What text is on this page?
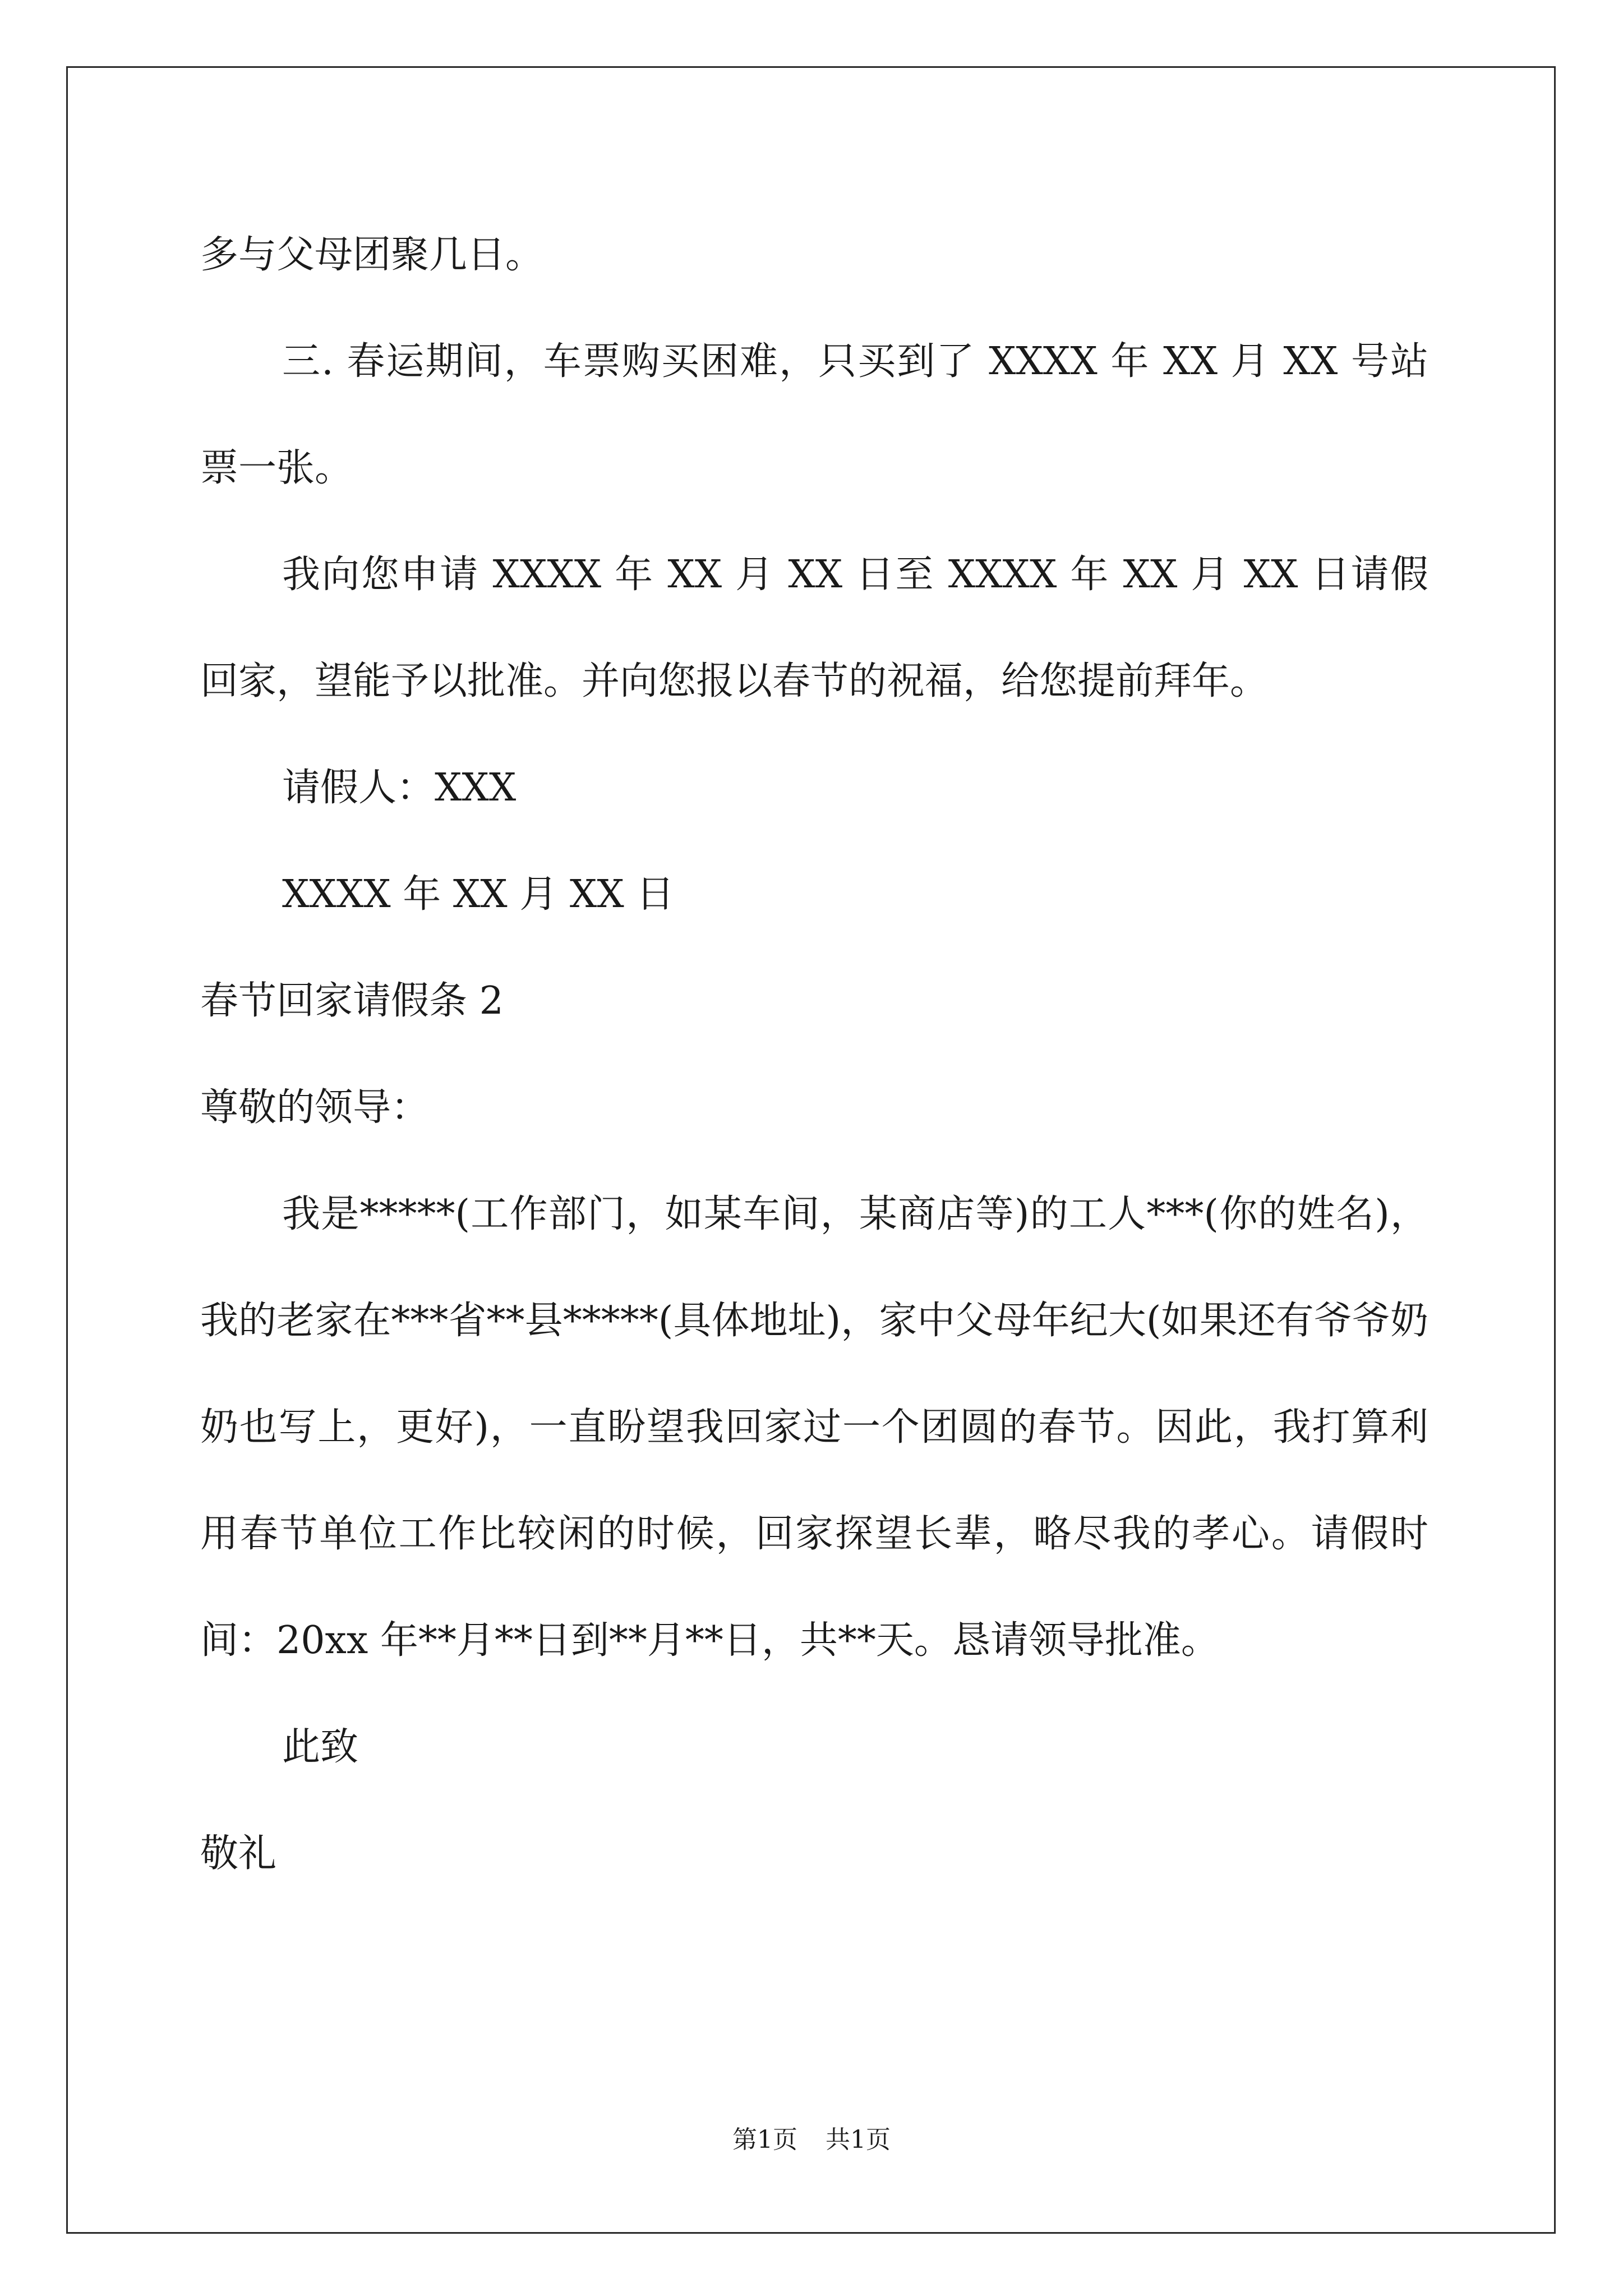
多与父母团聚几日。

三. 春运期间，车票购买困难，只买到了 XXXX 年 XX 月 XX 号站票一张。

我向您申请 XXXX 年 XX 月 XX 日至 XXXX 年 XX 月 XX 日请假回家，望能予以批准。并向您报以春节的祝福，给您提前拜年。

请假人：XXX

XXXX 年 XX 月 XX 日

春节回家请假条 2

尊敬的领导：

我是*****(工作部门，如某车间，某商店等)的工人***(你的姓名)，我的老家在***省**县*****(具体地址)，家中父母年纪大(如果还有爷爷奶奶也写上，更好)，一直盼望我回家过一个团圆的春节。因此，我打算利用春节单位工作比较闲的时候，回家探望长辈，略尽我的孝心。请假时间：20xx 年**月**日到**月**日，共**天。恳请领导批准。

此致

敬礼

第1页 共1页
